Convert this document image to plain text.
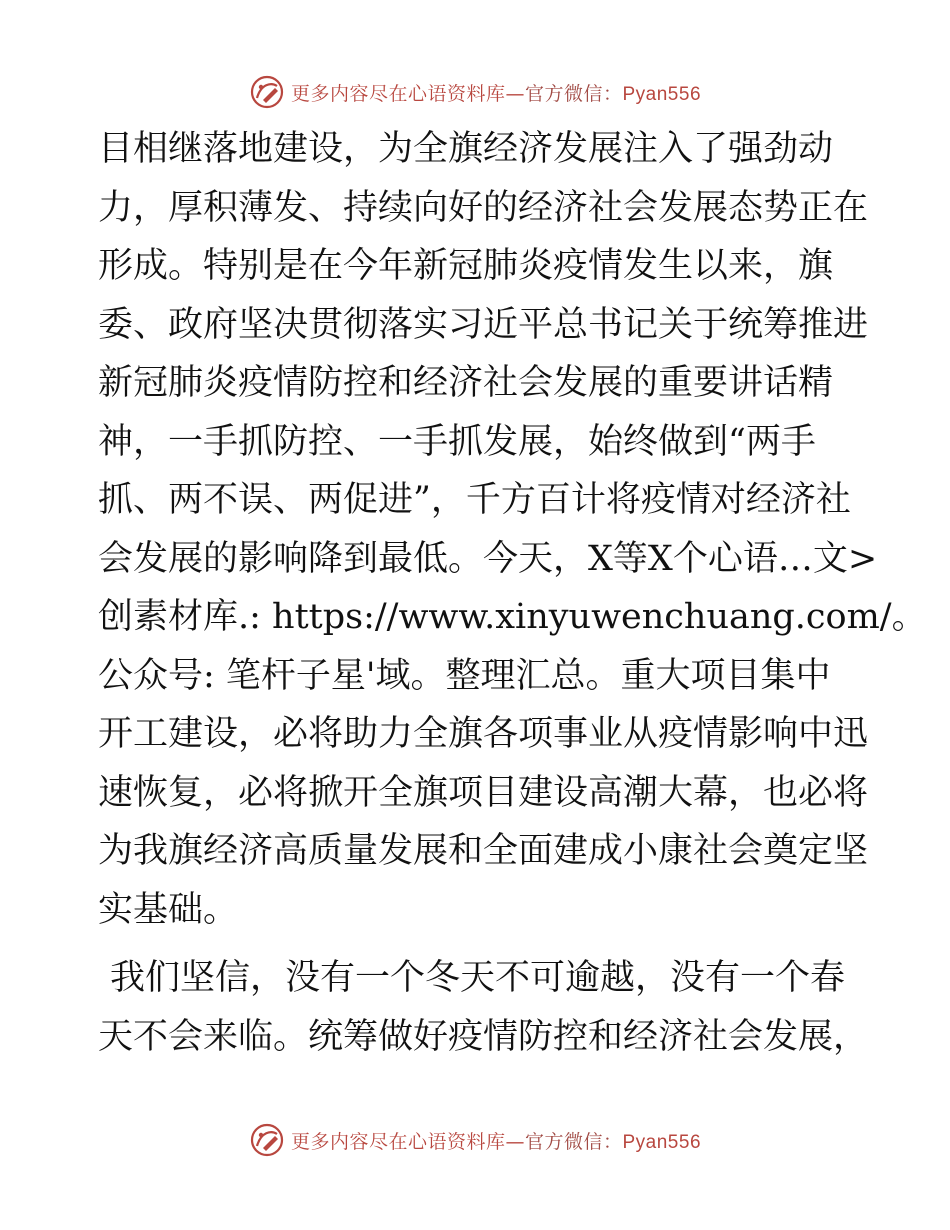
更多内容尽在心语资料库—官方微信：Pyan556

目相继落地建设，为全旗经济发展注入了强劲动
力，厚积薄发、持续向好的经济社会发展态势正在
形成。特别是在今年新冠肺炎疫情发生以来，旗
委、政府坚决贯彻落实习近平总书记关于统筹推进
新冠肺炎疫情防控和经济社会发展的重要讲话精
神，一手抓防控、一手抓发展，始终做到“两手
抓、两不误、两促进”，千方百计将疫情对经济社
会发展的影响降到最低。今天，X等X个心语…文>
创素材库.: https://www.xinyuwenchuang.com/。
公众号: 笔杆子星'域。整理汇总。重大项目集中
开工建设，必将助力全旗各项事业从疫情影响中迅
速恢复，必将掀开全旗项目建设高潮大幕，也必将
为我旗经济高质量发展和全面建成小康社会奠定坚
实基础。

我们坚信，没有一个冬天不可逾越，没有一个春
天不会来临。统筹做好疫情防控和经济社会发展，

更多内容尽在心语资料库—官方微信：Pyan556
